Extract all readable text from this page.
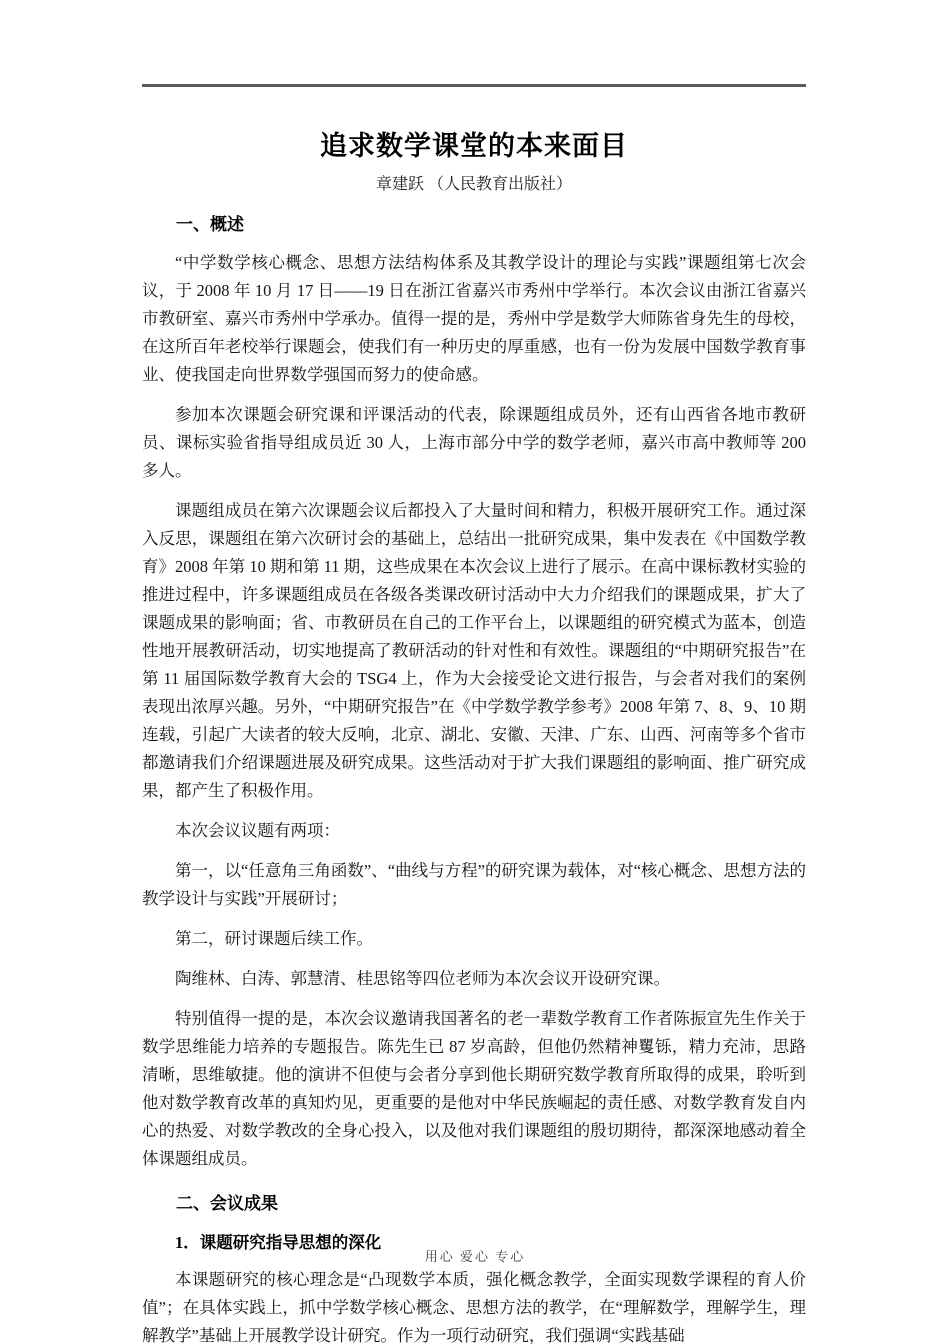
追求数学课堂的本来面目
章建跃 （人民教育出版社）
一、概述

“中学数学核心概念、思想方法结构体系及其教学设计的理论与实践”课题组第七次会议，于 2008 年 10 月 17 日——19 日在浙江省嘉兴市秀州中学举行。本次会议由浙江省嘉兴市教研室、嘉兴市秀州中学承办。值得一提的是，秀州中学是数学大师陈省身先生的母校，在这所百年老校举行课题会，使我们有一种历史的厚重感，也有一份为发展中国数学教育事业、使我国走向世界数学强国而努力的使命感。

参加本次课题会研究课和评课活动的代表，除课题组成员外，还有山西省各地市教研员、课标实验省指导组成员近 30 人，上海市部分中学的数学老师，嘉兴市高中教师等 200 多人。

课题组成员在第六次课题会议后都投入了大量时间和精力，积极开展研究工作。通过深入反思，课题组在第六次研讨会的基础上，总结出一批研究成果，集中发表在《中国数学教育》2008 年第 10 期和第 11 期，这些成果在本次会议上进行了展示。在高中课标教材实验的推进过程中，许多课题组成员在各级各类课改研讨活动中大力介绍我们的课题成果，扩大了课题成果的影响面；省、市教研员在自己的工作平台上，以课题组的研究模式为蓝本，创造性地开展教研活动，切实地提高了教研活动的针对性和有效性。课题组的“中期研究报告”在第 11 届国际数学教育大会的 TSG4 上，作为大会接受论文进行报告，与会者对我们的案例表现出浓厚兴趣。另外，“中期研究报告”在《中学数学教学参考》2008 年第 7、8、9、10 期连载，引起广大读者的较大反响，北京、湖北、安徽、天津、广东、山西、河南等多个省市都邀请我们介绍课题进展及研究成果。这些活动对于扩大我们课题组的影响面、推广研究成果，都产生了积极作用。

本次会议议题有两项：

第一，以“任意角三角函数”、“曲线与方程”的研究课为载体，对“核心概念、思想方法的教学设计与实践”开展研讨；

第二，研讨课题后续工作。

陶维林、白涛、郭慧清、桂思铭等四位老师为本次会议开设研究课。

特别值得一提的是，本次会议邀请我国著名的老一辈数学教育工作者陈振宣先生作关于数学思维能力培养的专题报告。陈先生已 87 岁高龄，但他仍然精神矍铄，精力充沛，思路清晰，思维敏捷。他的演讲不但使与会者分享到他长期研究数学教育所取得的成果，聆听到他对数学教育改革的真知灼见，更重要的是他对中华民族崛起的责任感、对数学教育发自内心的热爱、对数学教改的全身心投入，以及他对我们课题组的殷切期待，都深深地感动着全体课题组成员。

二、会议成果
1．课题研究指导思想的深化

本课题研究的核心理念是“凸现数学本质，强化概念教学，全面实现数学课程的育人价值”；在具体实践上，抓中学数学核心概念、思想方法的教学，在“理解数学，理解学生，理解教学”基础上开展教学设计研究。作为一项行动研究，我们强调“实践基础

用心 爱心 专心
